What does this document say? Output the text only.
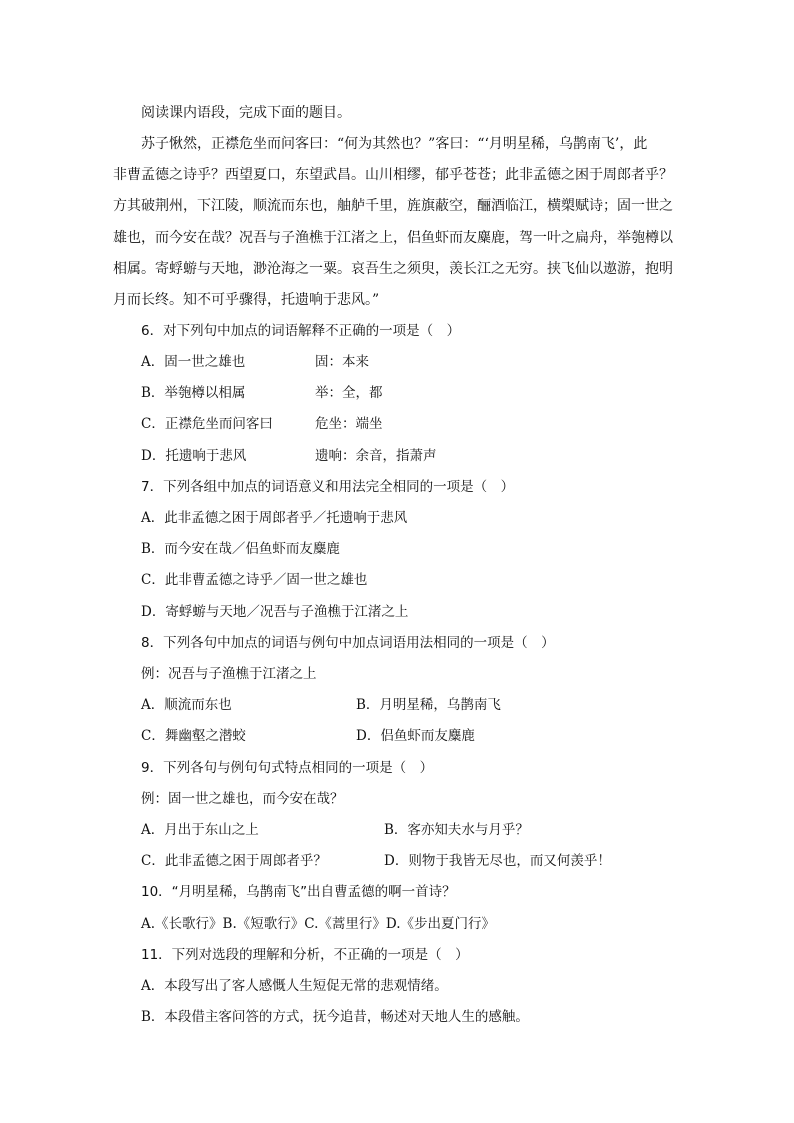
阅读课内语段，完成下面的题目。
苏子愀然，正襟危坐而问客曰：“何为其然也？”客曰：“‘月明星稀，乌鹊南飞’，此
非曹孟德之诗乎？西望夏口，东望武昌。山川相缪，郁乎苍苍；此非孟德之困于周郎者乎？
方其破荆州，下江陵，顺流而东也，舳舻千里，旌旗蔽空，酾酒临江，横槊赋诗；固一世之
雄也，而今安在哉？况吾与子渔樵于江渚之上，侣鱼虾而友麋鹿，驾一叶之扁舟，举匏樽以
相属。寄蜉蝣与天地，渺沧海之一粟。哀吾生之须臾，羡长江之无穷。挟飞仙以遨游，抱明
月而长终。知不可乎骤得，托遗响于悲风。”
6．对下列句中加点的词语解释不正确的一项是（　）
A．固一世之雄也	固：本来
B．举匏樽以相属	举：全，都
C．正襟危坐而问客曰	危坐：端坐
D．托遗响于悲风	遗响：余音，指萧声
7．下列各组中加点的词语意义和用法完全相同的一项是（　）
A．此非孟德之困于周郎者乎／托遗响于悲风
B．而今安在哉／侣鱼虾而友麋鹿
C．此非曹孟德之诗乎／固一世之雄也
D．寄蜉蝣与天地／况吾与子渔樵于江渚之上
8．下列各句中加点的词语与例句中加点词语用法相同的一项是（　）
例：况吾与子渔樵于江渚之上
A．顺流而东也	B．月明星稀，乌鹊南飞
C．舞幽壑之潜蛟	D．侣鱼虾而友麋鹿
9．下列各句与例句句式特点相同的一项是（　）
例：固一世之雄也，而今安在哉？
A．月出于东山之上	B．客亦知夫水与月乎？
C．此非孟德之困于周郎者乎？	D．则物于我皆无尽也，而又何羡乎！
10．“月明星稀，乌鹊南飞”出自曹孟德的啊一首诗？
A.《长歌行》B.《短歌行》C.《蒿里行》D.《步出夏门行》
11．下列对选段的理解和分析，不正确的一项是（　）
A．本段写出了客人感慨人生短促无常的悲观情绪。
B．本段借主客问答的方式，抚今追昔，畅述对天地人生的感触。
